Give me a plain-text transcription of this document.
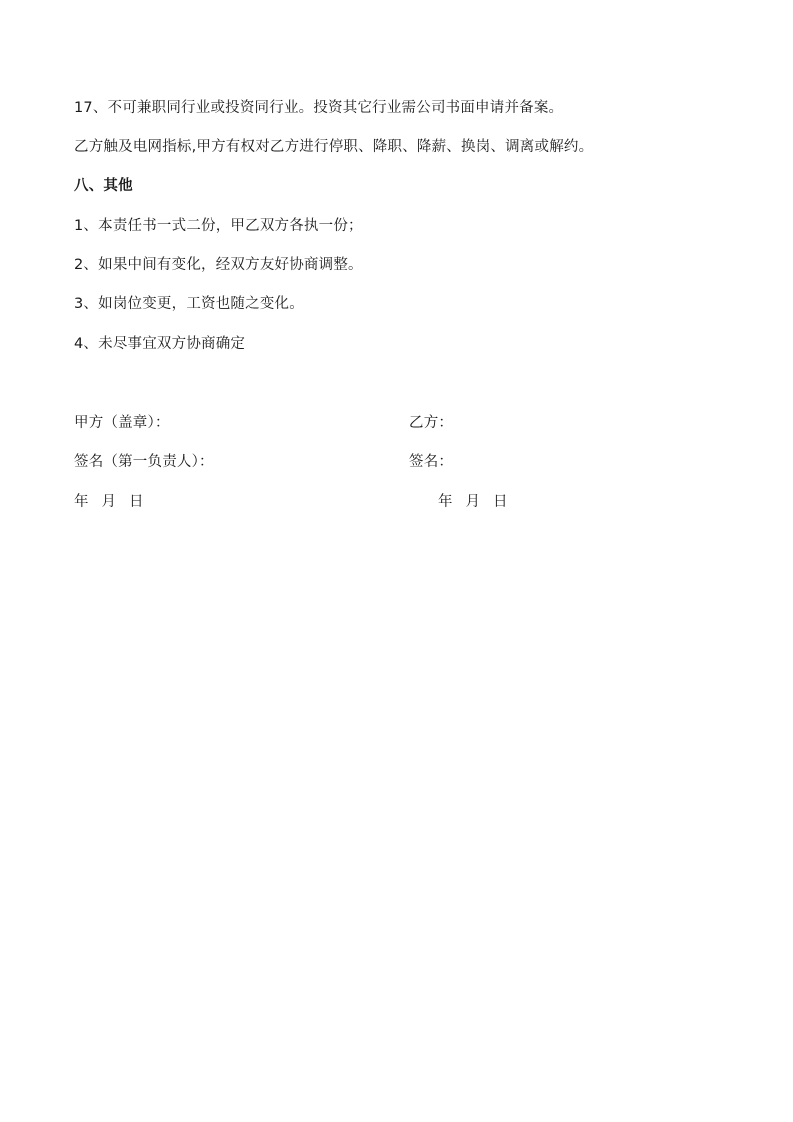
17、不可兼职同行业或投资同行业。投资其它行业需公司书面申请并备案。
乙方触及电网指标,甲方有权对乙方进行停职、降职、降薪、换岗、调离或解约。
八、其他
1、本责任书一式二份，甲乙双方各执一份；
2、如果中间有变化，经双方友好协商调整。
3、如岗位变更，工资也随之变化。
4、未尽事宜双方协商确定
甲方（盖章）：
签名（第一负责人）：
年 月 日
乙方：
签名：
年 月 日
